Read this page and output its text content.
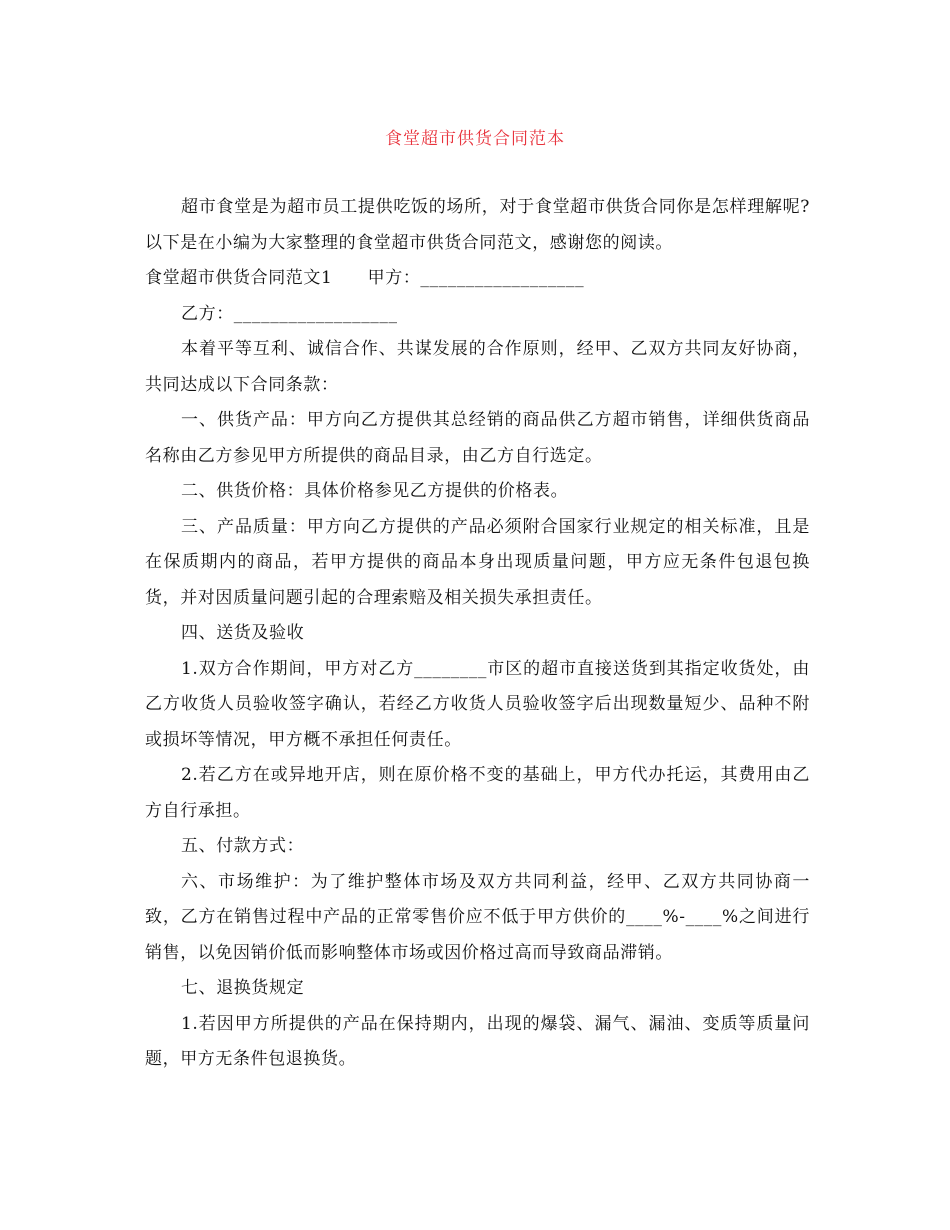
食堂超市供货合同范本

超市食堂是为超市员工提供吃饭的场所，对于食堂超市供货合同你是怎样理解呢?以下是在小编为大家整理的食堂超市供货合同范文，感谢您的阅读。

食堂超市供货合同范文1　　甲方：__________________

乙方：__________________

本着平等互利、诚信合作、共谋发展的合作原则，经甲、乙双方共同友好协商，共同达成以下合同条款：

一、供货产品：甲方向乙方提供其总经销的商品供乙方超市销售，详细供货商品名称由乙方参见甲方所提供的商品目录，由乙方自行选定。

二、供货价格：具体价格参见乙方提供的价格表。

三、产品质量：甲方向乙方提供的产品必须附合国家行业规定的相关标准，且是在保质期内的商品，若甲方提供的商品本身出现质量问题，甲方应无条件包退包换货，并对因质量问题引起的合理索赔及相关损失承担责任。

四、送货及验收

1.双方合作期间，甲方对乙方________市区的超市直接送货到其指定收货处，由乙方收货人员验收签字确认，若经乙方收货人员验收签字后出现数量短少、品种不附或损坏等情况，甲方概不承担任何责任。

2.若乙方在或异地开店，则在原价格不变的基础上，甲方代办托运，其费用由乙方自行承担。

五、付款方式：

六、市场维护：为了维护整体市场及双方共同利益，经甲、乙双方共同协商一致，乙方在销售过程中产品的正常零售价应不低于甲方供价的____%-____%之间进行销售，以免因销价低而影响整体市场或因价格过高而导致商品滞销。

七、退换货规定

1.若因甲方所提供的产品在保持期内，出现的爆袋、漏气、漏油、变质等质量问题，甲方无条件包退换货。
